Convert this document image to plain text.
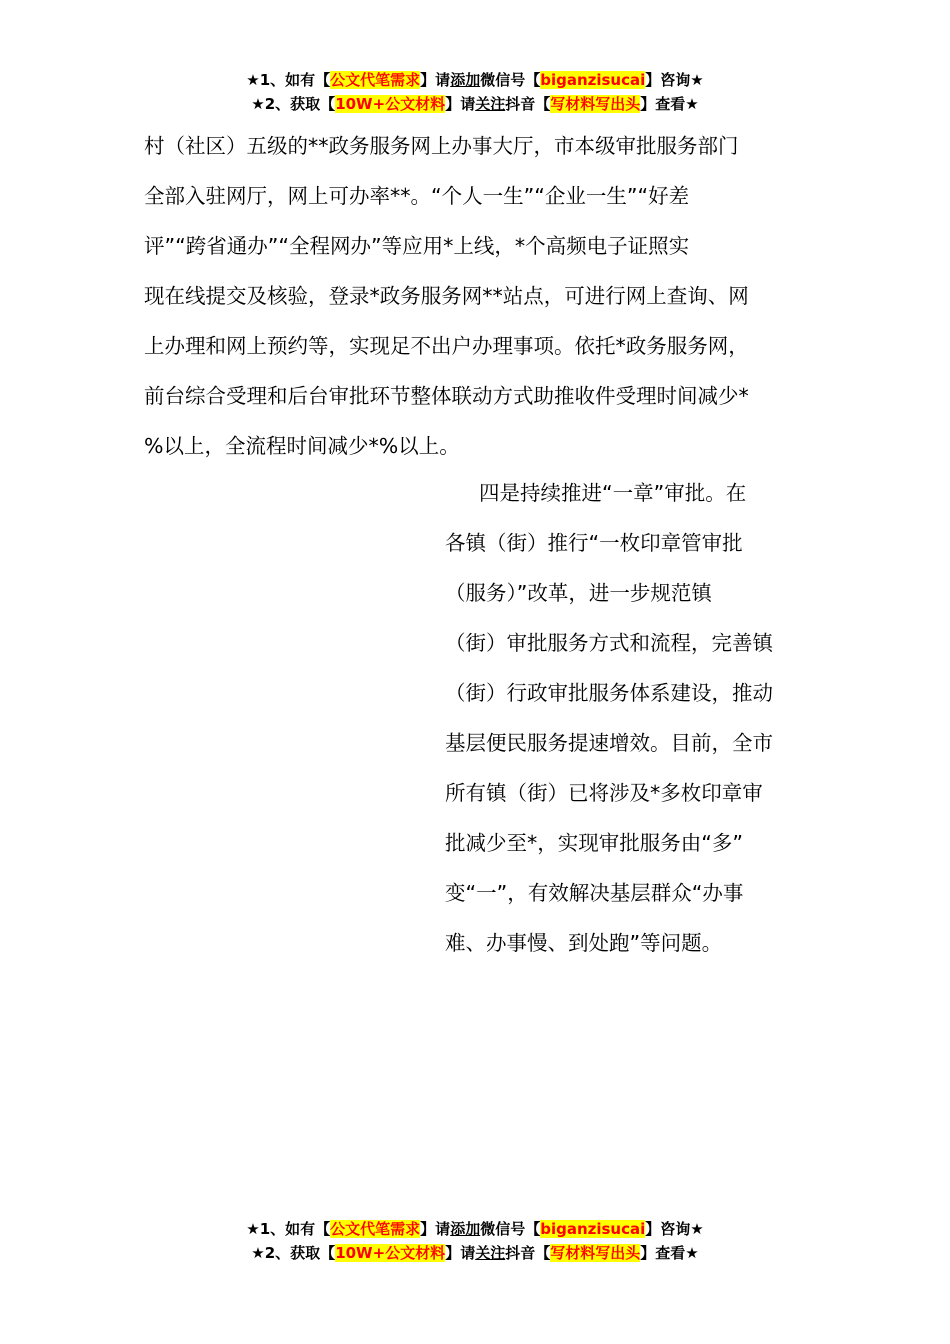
★1、如有【公文代笔需求】请添加微信号【biganzisucai】咨询★
★2、获取【10W+公文材料】请关注抖音【写材料写出头】查看★
村（社区）五级的**政务服务网上办事大厅，市本级审批服务部门
全部入驻网厅，网上可办率**。“个人一生”“企业一生”“好差
评”“跨省通办”“全程网办”等应用*上线，*个高频电子证照实
现在线提交及核验，登录*政务服务网**站点，可进行网上查询、网
上办理和网上预约等，实现足不出户办理事项。依托*政务服务网，
前台综合受理和后台审批环节整体联动方式助推收件受理时间减少*
%以上，全流程时间减少*%以上。
四是持续推进“一章”审批。在
各镇（街）推行“一枚印章管审批
（服务）”改革，进一步规范镇
（街）审批服务方式和流程，完善镇
（街）行政审批服务体系建设，推动
基层便民服务提速增效。目前，全市
所有镇（街）已将涉及*多枚印章审
批减少至*，实现审批服务由“多”
变“一”，有效解决基层群众“办事
难、办事慢、到处跑”等问题。
★1、如有【公文代笔需求】请添加微信号【biganzisucai】咨询★
★2、获取【10W+公文材料】请关注抖音【写材料写出头】查看★
